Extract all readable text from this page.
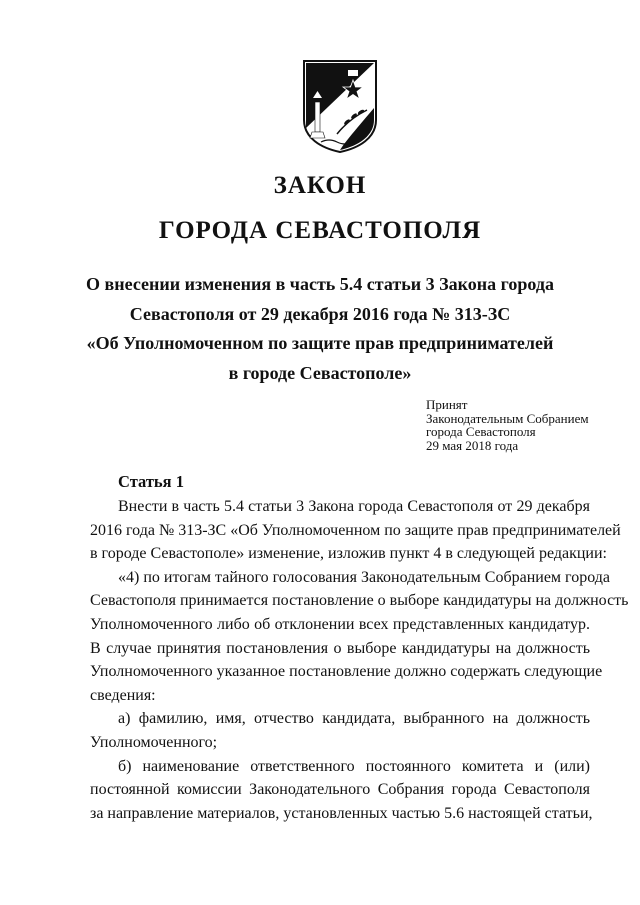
ЗАКОН
ГОРОДА СЕВАСТОПОЛЯ
О внесении изменения в часть 5.4 статьи 3 Закона города
Севастополя от 29 декабря 2016 года № 313-ЗС
«Об Уполномоченном по защите прав предпринимателей
в городе Севастополе»
Принят
Законодательным Собранием
города Севастополя
29 мая 2018 года
Статья 1
Внести в часть 5.4 статьи 3 Закона города Севастополя от 29 декабря
2016 года № 313-ЗС «Об Уполномоченном по защите прав предпринимателей
в городе Севастополе» изменение, изложив пункт 4 в следующей редакции:
«4) по итогам тайного голосования Законодательным Собранием города
Севастополя принимается постановление о выборе кандидатуры на должность
Уполномоченного либо об отклонении всех представленных кандидатур.
В случае принятия постановления о выборе кандидатуры на должность
Уполномоченного указанное постановление должно содержать следующие
сведения:
а) фамилию, имя, отчество кандидата, выбранного на должность
Уполномоченного;
б) наименование ответственного постоянного комитета и (или)
постоянной комиссии Законодательного Собрания города Севастополя
за направление материалов, установленных частью 5.6 настоящей статьи,
